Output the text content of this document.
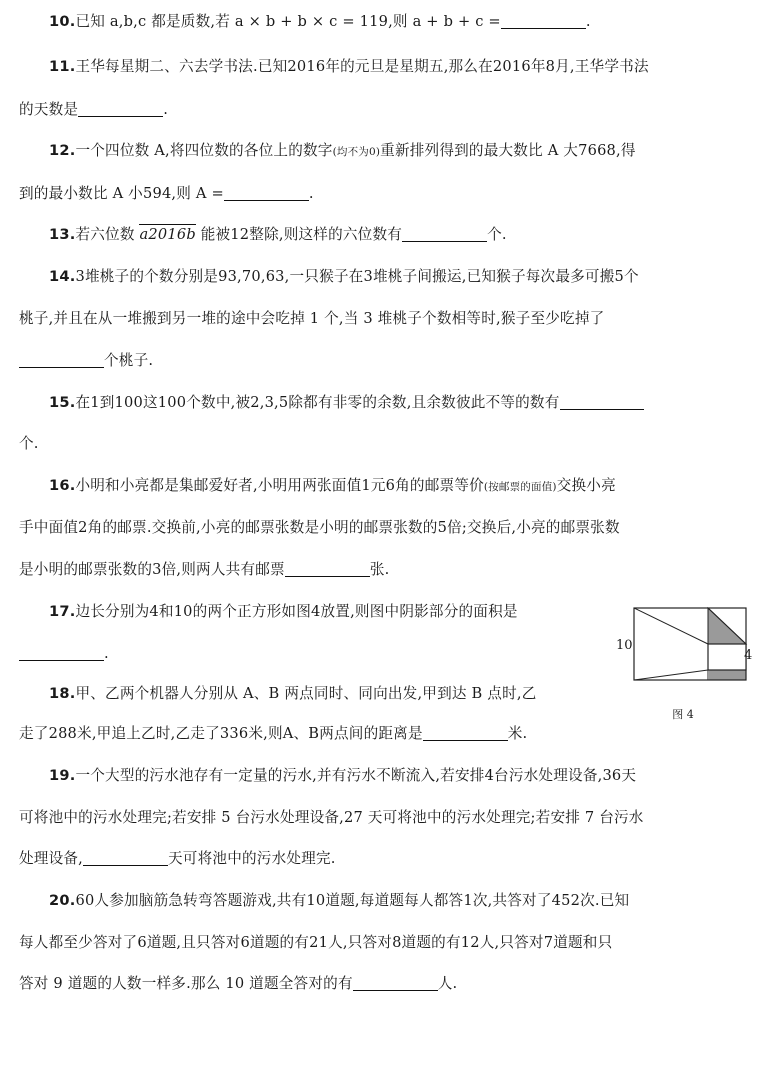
10.已知 a,b,c 都是质数,若 a × b + b × c = 119,则 a + b + c =	.
11.王华每星期二、六去学书法.已知2016年的元旦是星期五,那么在2016年8月,王华学书法
的天数是	.
12.一个四位数 A,将四位数的各位上的数字(均不为0)重新排列得到的最大数比 A 大7668,得
到的最小数比 A 小594,则 A =	.
13.若六位数 a2016b 能被12整除,则这样的六位数有	个.
14.3堆桃子的个数分别是93,70,63,一只猴子在3堆桃子间搬运,已知猴子每次最多可搬5个
桃子,并且在从一堆搬到另一堆的途中会吃掉 1 个,当 3 堆桃子个数相等时,猴子至少吃掉了
个桃子.
15.在1到100这100个数中,被2,3,5除都有非零的余数,且余数彼此不等的数有
个.
16.小明和小亮都是集邮爱好者,小明用两张面值1元6角的邮票等价(按邮票的面值)交换小亮
手中面值2角的邮票.交换前,小亮的邮票张数是小明的邮票张数的5倍;交换后,小亮的邮票张数
是小明的邮票张数的3倍,则两人共有邮票	张.
17.边长分别为4和10的两个正方形如图4放置,则图中阴影部分的面积是
.	10
4
图 4
18.甲、乙两个机器人分别从 A、B 两点同时、同向出发,甲到达 B 点时,乙
走了288米,甲追上乙时,乙走了336米,则A、B两点间的距离是	米.
19.一个大型的污水池存有一定量的污水,并有污水不断流入,若安排4台污水处理设备,36天
可将池中的污水处理完;若安排 5 台污水处理设备,27 天可将池中的污水处理完;若安排 7 台污水
处理设备,	天可将池中的污水处理完.
20.60人参加脑筋急转弯答题游戏,共有10道题,每道题每人都答1次,共答对了452次.已知
每人都至少答对了6道题,且只答对6道题的有21人,只答对8道题的有12人,只答对7道题和只
答对 9 道题的人数一样多.那么 10 道题全答对的有	人.
